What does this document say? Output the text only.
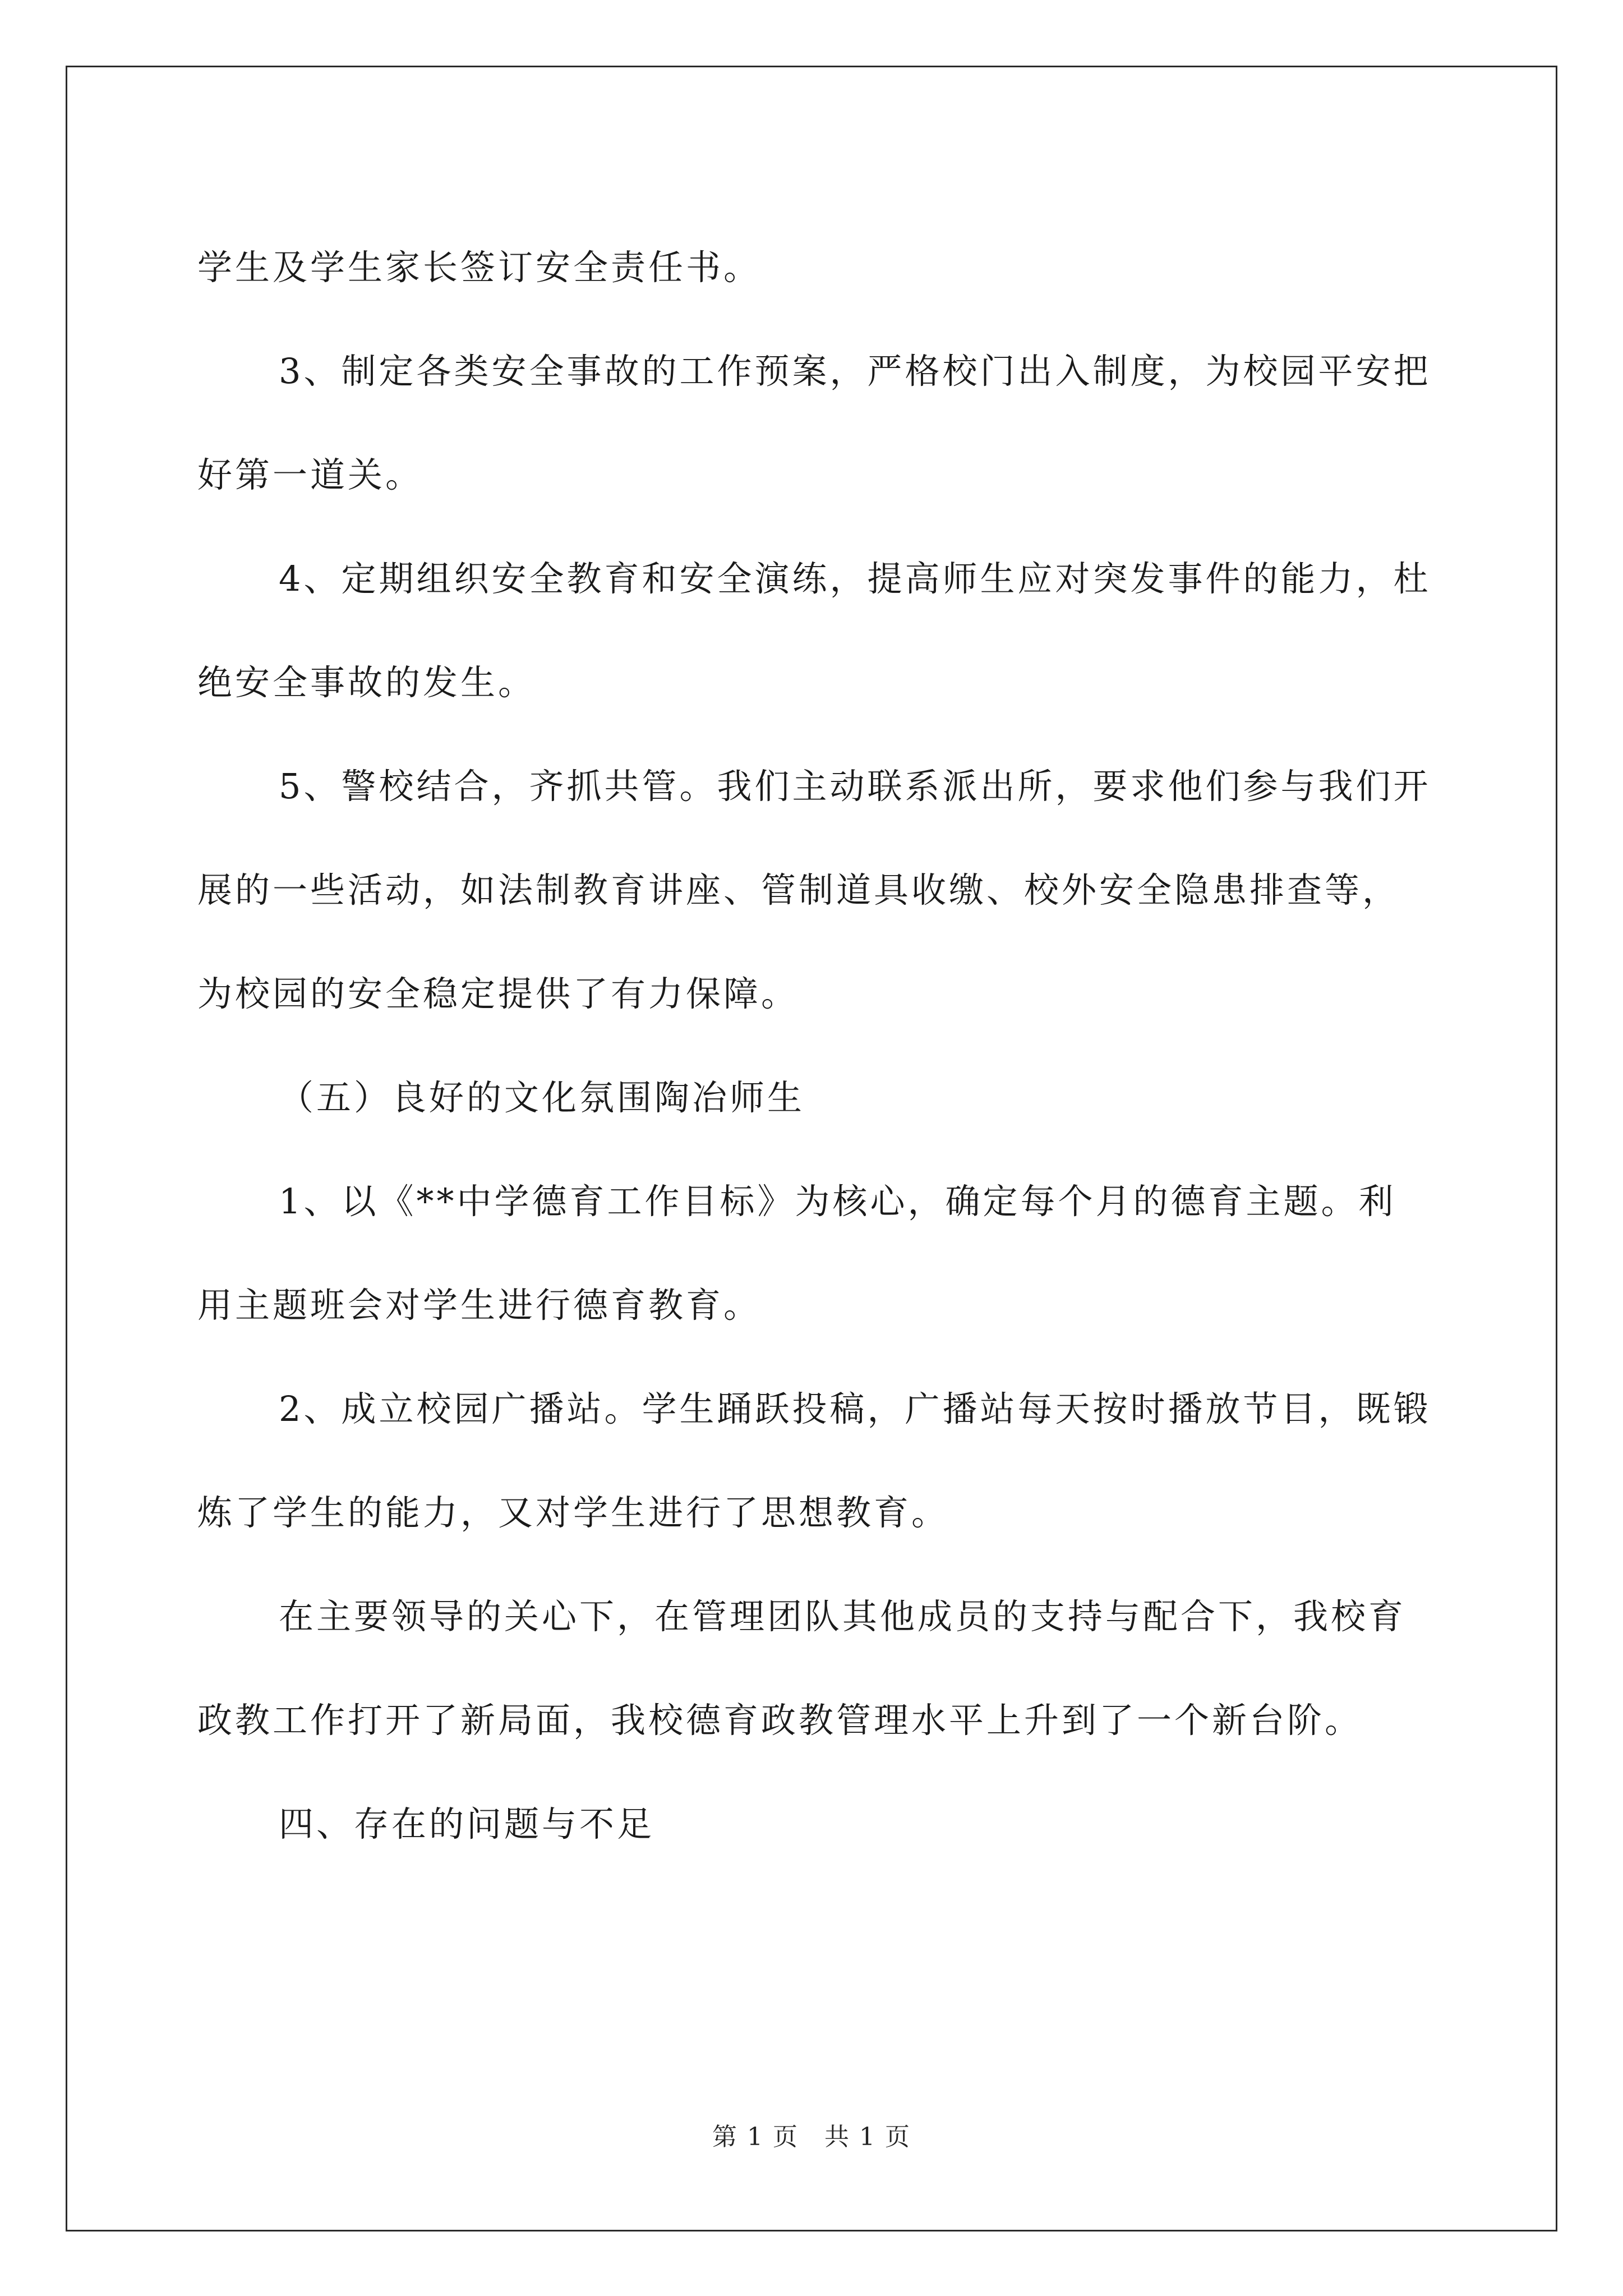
学生及学生家长签订安全责任书。

3、制定各类安全事故的工作预案，严格校门出入制度，为校园平安把好第一道关。

4、定期组织安全教育和安全演练，提高师生应对突发事件的能力，杜绝安全事故的发生。

5、警校结合，齐抓共管。我们主动联系派出所，要求他们参与我们开展的一些活动，如法制教育讲座、管制道具收缴、校外安全隐患排查等，为校园的安全稳定提供了有力保障。

（五）良好的文化氛围陶冶师生

1、以《**中学德育工作目标》为核心，确定每个月的德育主题。利用主题班会对学生进行德育教育。

2、成立校园广播站。学生踊跃投稿，广播站每天按时播放节目，既锻炼了学生的能力，又对学生进行了思想教育。

在主要领导的关心下，在管理团队其他成员的支持与配合下，我校育政教工作打开了新局面，我校德育政教管理水平上升到了一个新台阶。

四、存在的问题与不足

第 1 页　共 1 页
